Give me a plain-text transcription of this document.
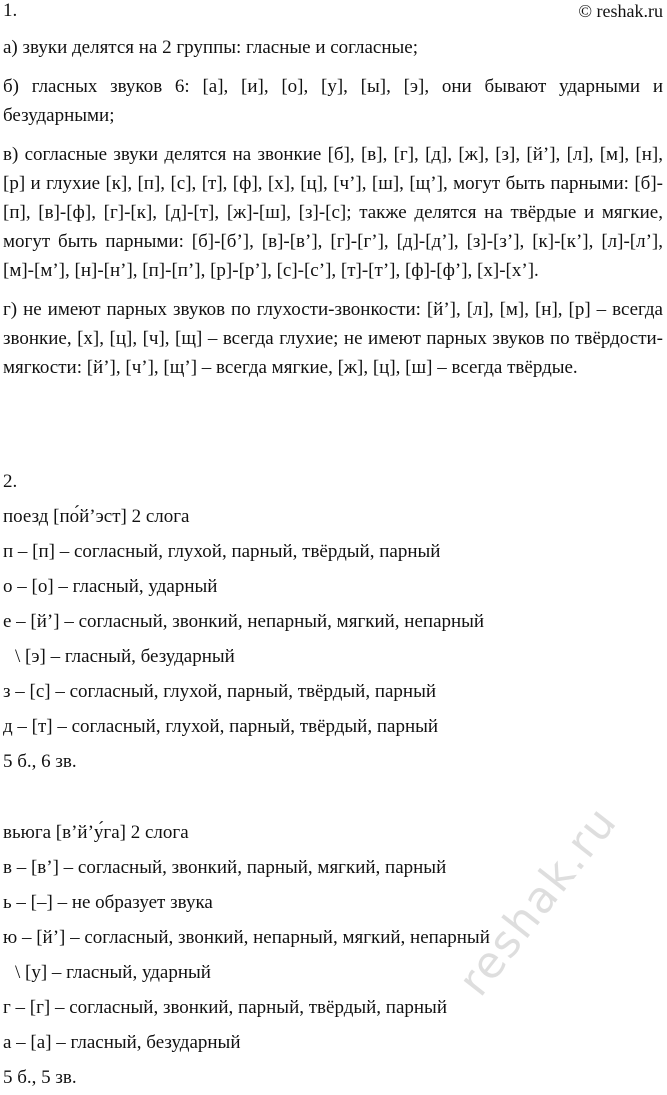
1.	© reshak.ru

а) звуки делятся на 2 группы: гласные и согласные;

б) гласных звуков 6: [а], [и], [о], [у], [ы], [э], они бывают ударными и безударными;

в) согласные звуки делятся на звонкие [б], [в], [г], [д], [ж], [з], [й’], [л], [м], [н], [р] и глухие [к], [п], [с], [т], [ф], [х], [ц], [ч’], [ш], [щ’], могут быть парными: [б]-[п], [в]-[ф], [г]-[к], [д]-[т], [ж]-[ш], [з]-[с]; также делятся на твёрдые и мягкие, могут быть парными: [б]-[б’], [в]-[в’], [г]-[г’], [д]-[д’], [з]-[з’], [к]-[к’], [л]-[л’], [м]-[м’], [н]-[н’], [п]-[п’], [р]-[р’], [с]-[с’], [т]-[т’], [ф]-[ф’], [х]-[х’].

г) не имеют парных звуков по глухости-звонкости: [й’], [л], [м], [н], [р] – всегда звонкие, [х], [ц], [ч], [щ] – всегда глухие; не имеют парных звуков по твёрдости-мягкости: [й’], [ч’], [щ’] – всегда мягкие, [ж], [ц], [ш] – всегда твёрдые.

2.
поезд [по́й’эст] 2 слога
п – [п] – согласный, глухой, парный, твёрдый, парный
о – [о] – гласный, ударный
е – [й’] – согласный, звонкий, непарный, мягкий, непарный
\ [э] – гласный, безударный
з – [с] – согласный, глухой, парный, твёрдый, парный
д – [т] – согласный, глухой, парный, твёрдый, парный
5 б., 6 зв.
вьюга [в’й’у́га] 2 слога
в – [в’] – согласный, звонкий, парный, мягкий, парный
ь – [–] – не образует звука
ю – [й’] – согласный, звонкий, непарный, мягкий, непарный
\ [у] – гласный, ударный
г – [г] – согласный, звонкий, парный, твёрдый, парный
а – [а] – гласный, безударный
5 б., 5 зв.
reshak.ru
